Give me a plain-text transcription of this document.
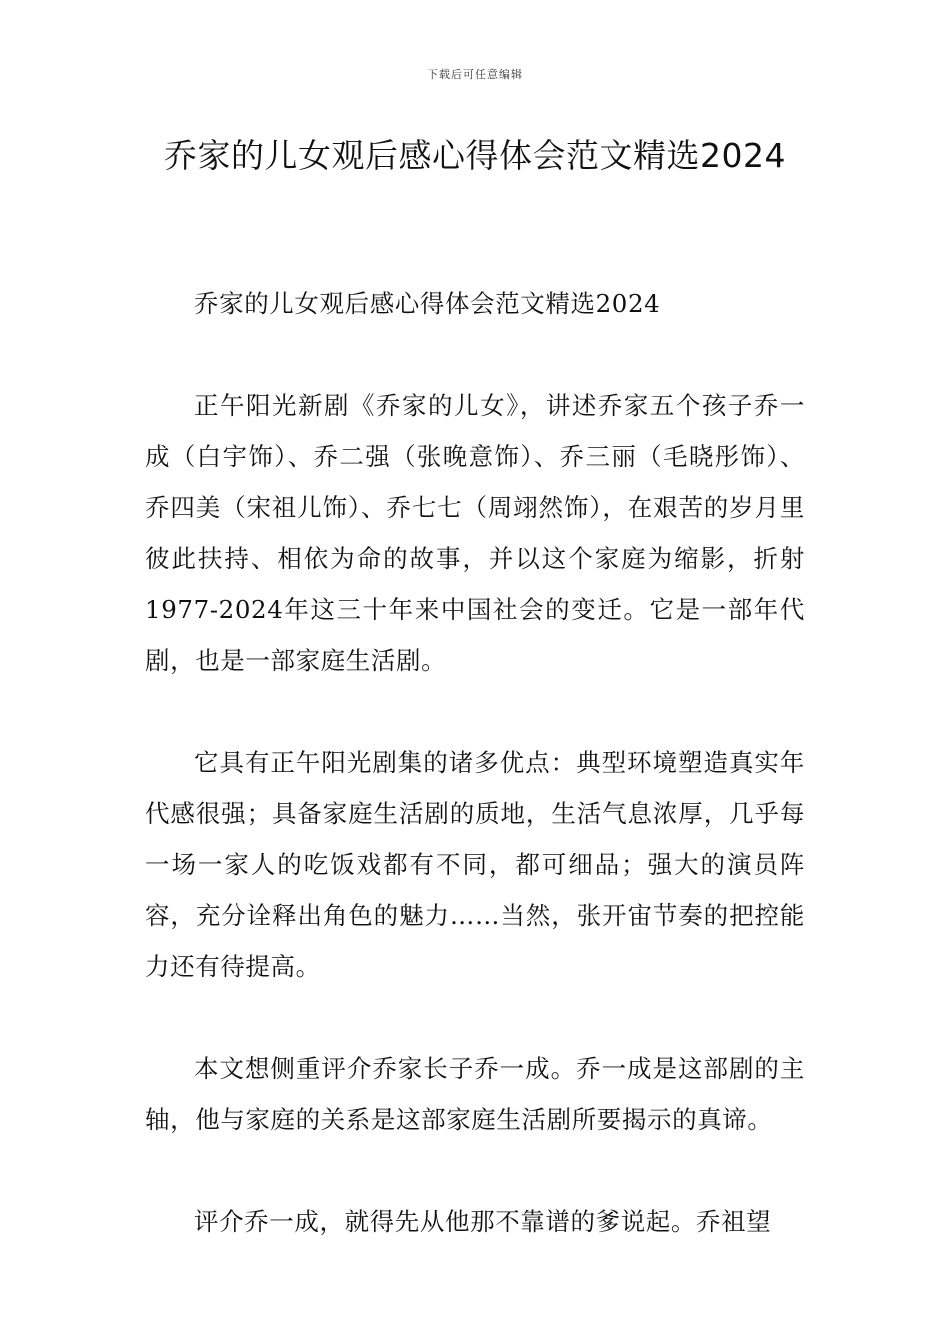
下载后可任意编辑
乔家的儿女观后感心得体会范文精选2024

乔家的儿女观后感心得体会范文精选2024

正午阳光新剧《乔家的儿女》，讲述乔家五个孩子乔一成（白宇饰）、乔二强（张晚意饰）、乔三丽（毛晓彤饰）、乔四美（宋祖儿饰）、乔七七（周翊然饰），在艰苦的岁月里彼此扶持、相依为命的故事，并以这个家庭为缩影，折射1977-2024年这三十年来中国社会的变迁。它是一部年代剧，也是一部家庭生活剧。

它具有正午阳光剧集的诸多优点：典型环境塑造真实年代感很强；具备家庭生活剧的质地，生活气息浓厚，几乎每一场一家人的吃饭戏都有不同，都可细品；强大的演员阵容，充分诠释出角色的魅力……当然，张开宙节奏的把控能力还有待提高。

本文想侧重评介乔家长子乔一成。乔一成是这部剧的主轴，他与家庭的关系是这部家庭生活剧所要揭示的真谛。

评介乔一成，就得先从他那不靠谱的爹说起。乔祖望
